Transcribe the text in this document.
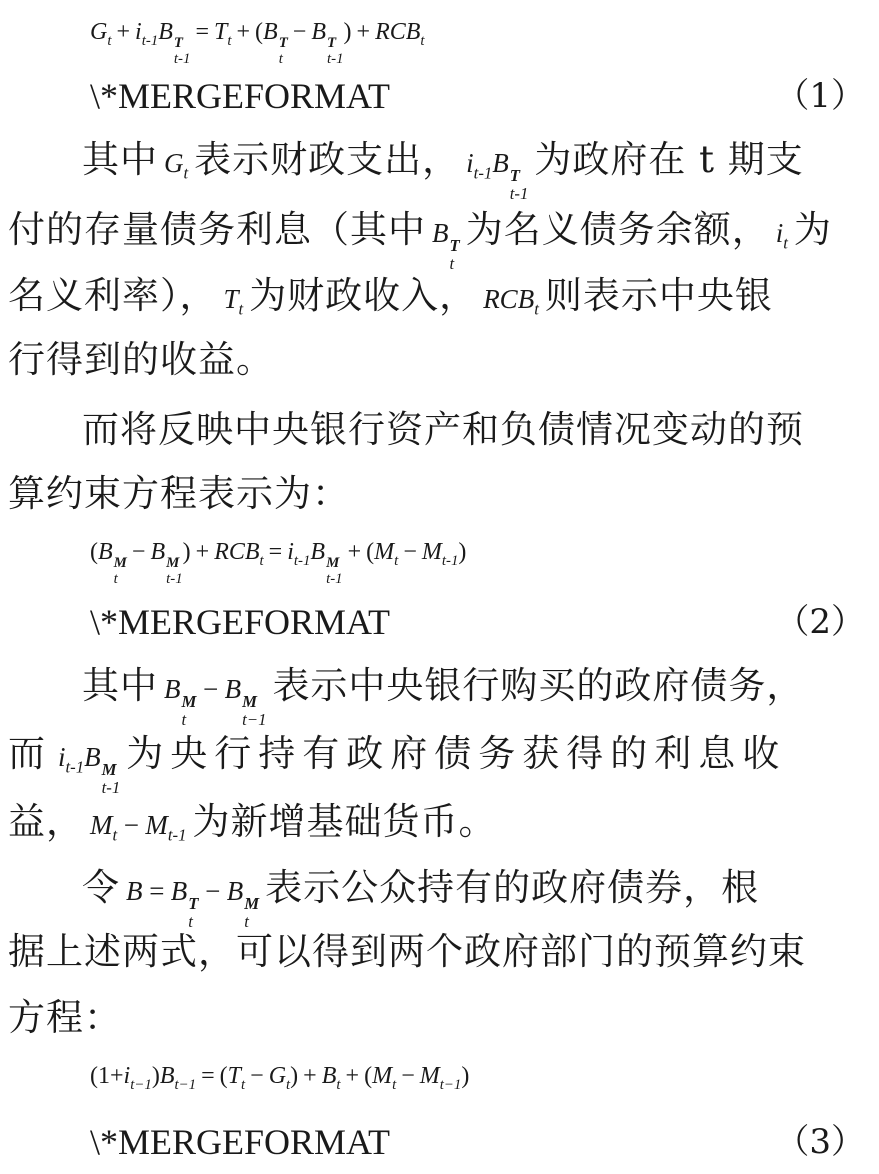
$G_t + i_{t-1}B$ T
t-1
= $T_t + (B$ T
t
− B T
t-1
) + $RCB_t$
\*MERGEFORMAT	（1）
其中 $G_t$ 表示财政支出， $i_{t-1}B$ T
t-1
为政府在 t 期支
付的存量债务利息（其中 B T
t
为名义债务余额， $i_t$ 为
名义利率）， $T_t$ 为财政收入， $RCB_t$ 则表示中央银
行得到的收益。
而将反映中央银行资产和负债情况变动的预
算约束方程表示为：
(B M
t
− B M
t-1
) + $RCB_t = i_{t-1}B$ M
t-1
+ $(M_t - M_{t-1})$
\*MERGEFORMAT	（2）
其中 B M
t
− B M
t−1
表示中央银行购买的政府债务，
而 $i_{t-1}B$ M
t-1
为央行持有政府债务获得的利息收
益， $M_t - M_{t-1}$ 为新增基础货币。
令 B = B T
t
− B M
t
表示公众持有的政府债券，根
据上述两式，可以得到两个政府部门的预算约束
方程：
$(1+i_{t-1})B_{t-1} = (T_t - G_t) + B_t + (M_t - M_{t-1})$
\*MERGEFORMAT	（3）
